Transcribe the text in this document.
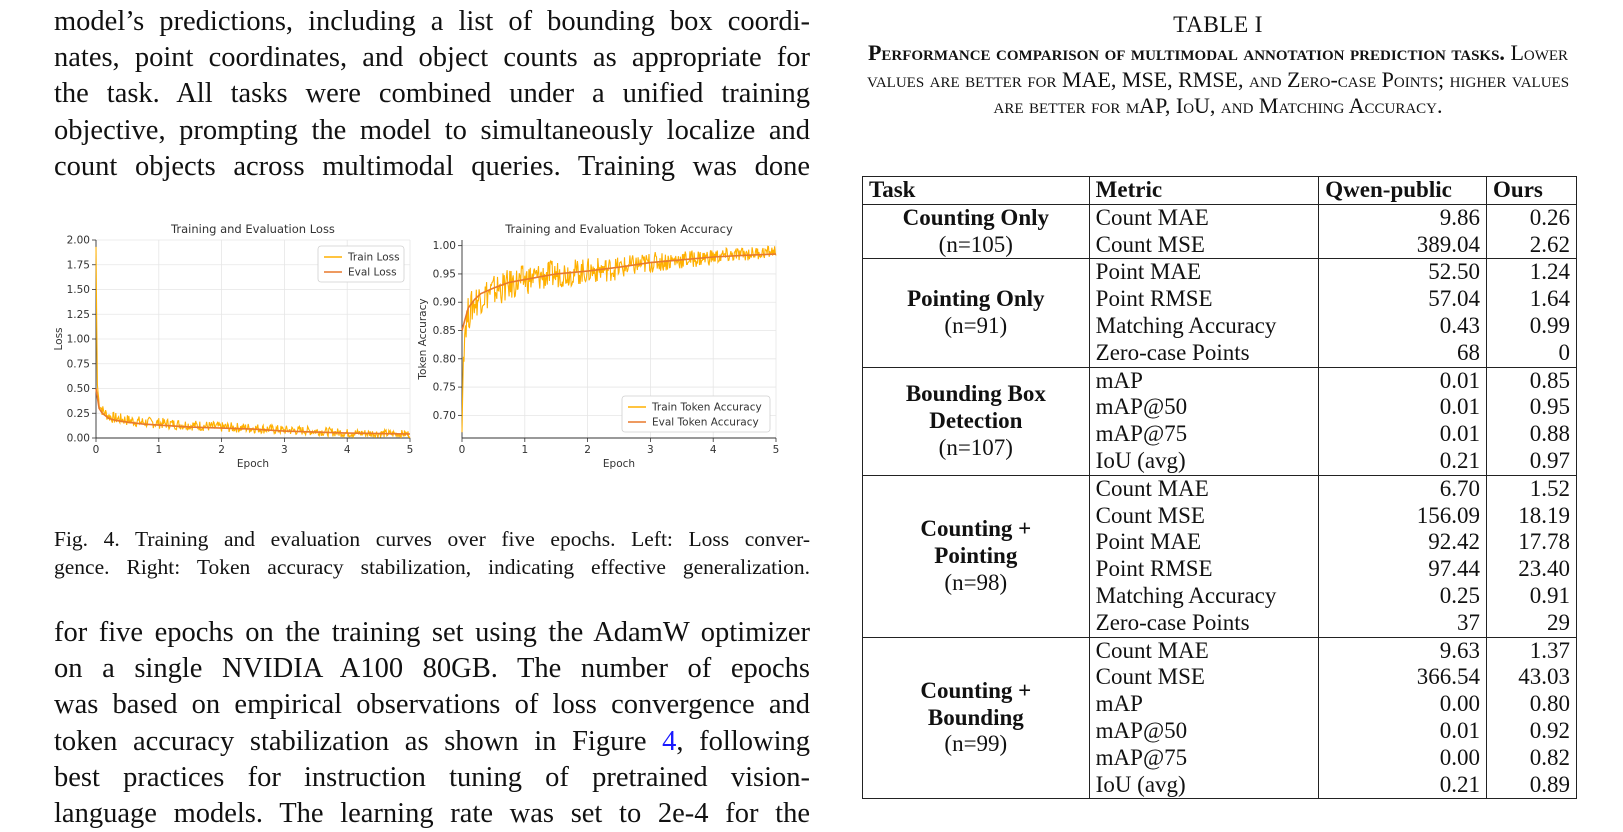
model’s predictions, including a list of bounding box coordi-
nates, point coordinates, and object counts as appropriate for
the task. All tasks were combined under a unified training
objective, prompting the model to simultaneously localize and
count objects across multimodal queries. Training was done
0	1	2	3	4	5
0.00
0.25
0.50
0.75
1.00
1.25
1.50
1.75
2.00
Training and Evaluation Loss
Epoch
Loss
Train Loss
Eval Loss
0	1	2	3	4	5
0.70
0.75
0.80
0.85
0.90
0.95
1.00
Training and Evaluation Token Accuracy
Epoch
Token Accuracy
Train Token Accuracy
Eval Token Accuracy
Fig. 4. Training and evaluation curves over five epochs. Left: Loss conver-
gence. Right: Token accuracy stabilization, indicating effective generalization.
for five epochs on the training set using the AdamW optimizer
on a single NVIDIA A100 80GB. The number of epochs
was based on empirical observations of loss convergence and
token accuracy stabilization as shown in Figure 4, following
best practices for instruction tuning of pretrained vision-
language models. The learning rate was set to 2e-4 for the
TABLE I
Performance comparison of multimodal annotation prediction tasks. Lower values are better for MAE, MSE, RMSE, and Zero-case Points; higher values are better for mAP, IoU, and Matching Accuracy.
Task	Metric	Qwen-public	Ours

Counting Only
(n=105)	Count MAE	9.86	0.26
	Count MSE	389.04	2.62

Pointing Only
(n=91)	Point MAE	52.50	1.24
	Point RMSE	57.04	1.64
	Matching Accuracy	0.43	0.99
	Zero-case Points	68	0

Bounding Box
Detection
(n=107)	mAP	0.01	0.85
	mAP@50	0.01	0.95
	mAP@75	0.01	0.88
	IoU (avg)	0.21	0.97

Counting +
Pointing
(n=98)	Count MAE	6.70	1.52
	Count MSE	156.09	18.19
	Point MAE	92.42	17.78
	Point RMSE	97.44	23.40
	Matching Accuracy	0.25	0.91
	Zero-case Points	37	29

Counting +
Bounding
(n=99)	Count MAE	9.63	1.37
	Count MSE	366.54	43.03
	mAP	0.00	0.80
	mAP@50	0.01	0.92
	mAP@75	0.00	0.82
	IoU (avg)	0.21	0.89
